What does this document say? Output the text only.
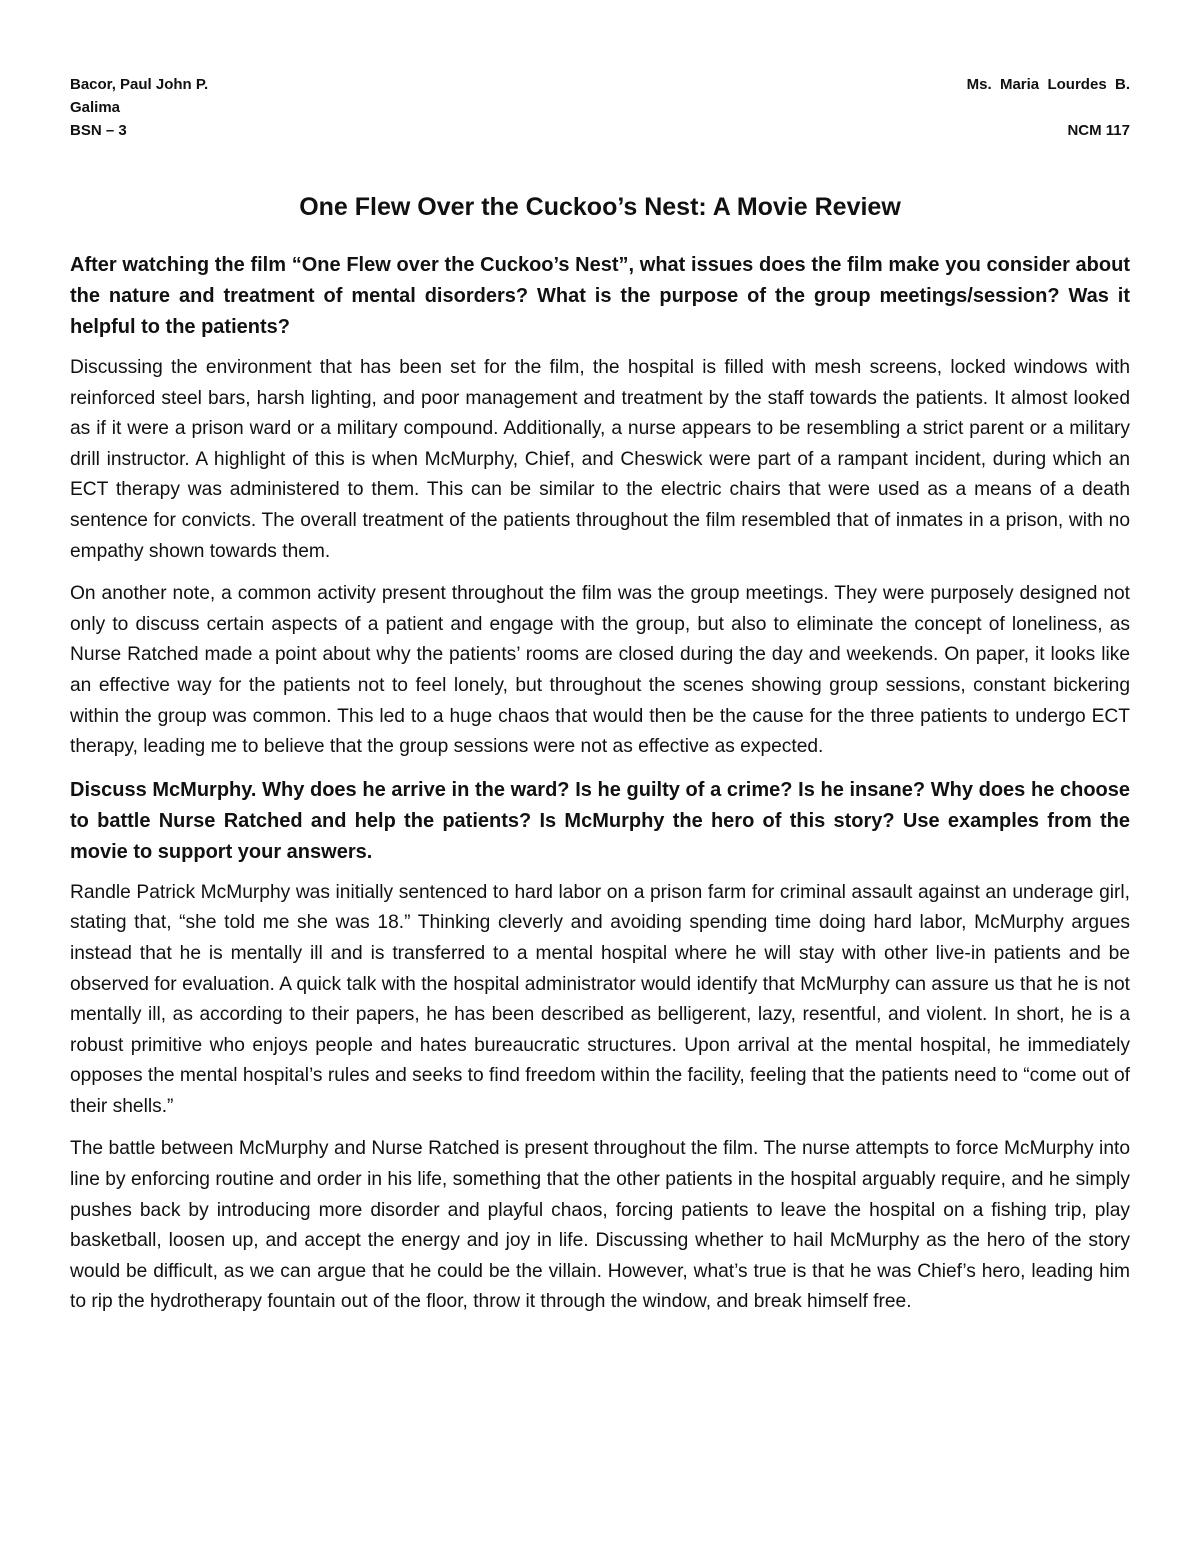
Bacor, Paul John P.
Galima
BSN – 3
Ms.  Maria  Lourdes  B.
NCM 117
One Flew Over the Cuckoo’s Nest: A Movie Review

After watching the film “One Flew over the Cuckoo’s Nest”, what issues does the film make you consider about the nature and treatment of mental disorders? What is the purpose of the group meetings/session? Was it helpful to the patients?

Discussing the environment that has been set for the film, the hospital is filled with mesh screens, locked windows with reinforced steel bars, harsh lighting, and poor management and treatment by the staff towards the patients. It almost looked as if it were a prison ward or a military compound. Additionally, a nurse appears to be resembling a strict parent or a military drill instructor. A highlight of this is when McMurphy, Chief, and Cheswick were part of a rampant incident, during which an ECT therapy was administered to them. This can be similar to the electric chairs that were used as a means of a death sentence for convicts. The overall treatment of the patients throughout the film resembled that of inmates in a prison, with no empathy shown towards them.

On another note, a common activity present throughout the film was the group meetings. They were purposely designed not only to discuss certain aspects of a patient and engage with the group, but also to eliminate the concept of loneliness, as Nurse Ratched made a point about why the patients’ rooms are closed during the day and weekends. On paper, it looks like an effective way for the patients not to feel lonely, but throughout the scenes showing group sessions, constant bickering within the group was common. This led to a huge chaos that would then be the cause for the three patients to undergo ECT therapy, leading me to believe that the group sessions were not as effective as expected.

Discuss McMurphy. Why does he arrive in the ward? Is he guilty of a crime? Is he insane? Why does he choose to battle Nurse Ratched and help the patients? Is McMurphy the hero of this story? Use examples from the movie to support your answers.

Randle Patrick McMurphy was initially sentenced to hard labor on a prison farm for criminal assault against an underage girl, stating that, “she told me she was 18.” Thinking cleverly and avoiding spending time doing hard labor, McMurphy argues instead that he is mentally ill and is transferred to a mental hospital where he will stay with other live-in patients and be observed for evaluation. A quick talk with the hospital administrator would identify that McMurphy can assure us that he is not mentally ill, as according to their papers, he has been described as belligerent, lazy, resentful, and violent. In short, he is a robust primitive who enjoys people and hates bureaucratic structures. Upon arrival at the mental hospital, he immediately opposes the mental hospital’s rules and seeks to find freedom within the facility, feeling that the patients need to “come out of their shells.”

The battle between McMurphy and Nurse Ratched is present throughout the film. The nurse attempts to force McMurphy into line by enforcing routine and order in his life, something that the other patients in the hospital arguably require, and he simply pushes back by introducing more disorder and playful chaos, forcing patients to leave the hospital on a fishing trip, play basketball, loosen up, and accept the energy and joy in life. Discussing whether to hail McMurphy as the hero of the story would be difficult, as we can argue that he could be the villain. However, what’s true is that he was Chief’s hero, leading him to rip the hydrotherapy fountain out of the floor, throw it through the window, and break himself free.
